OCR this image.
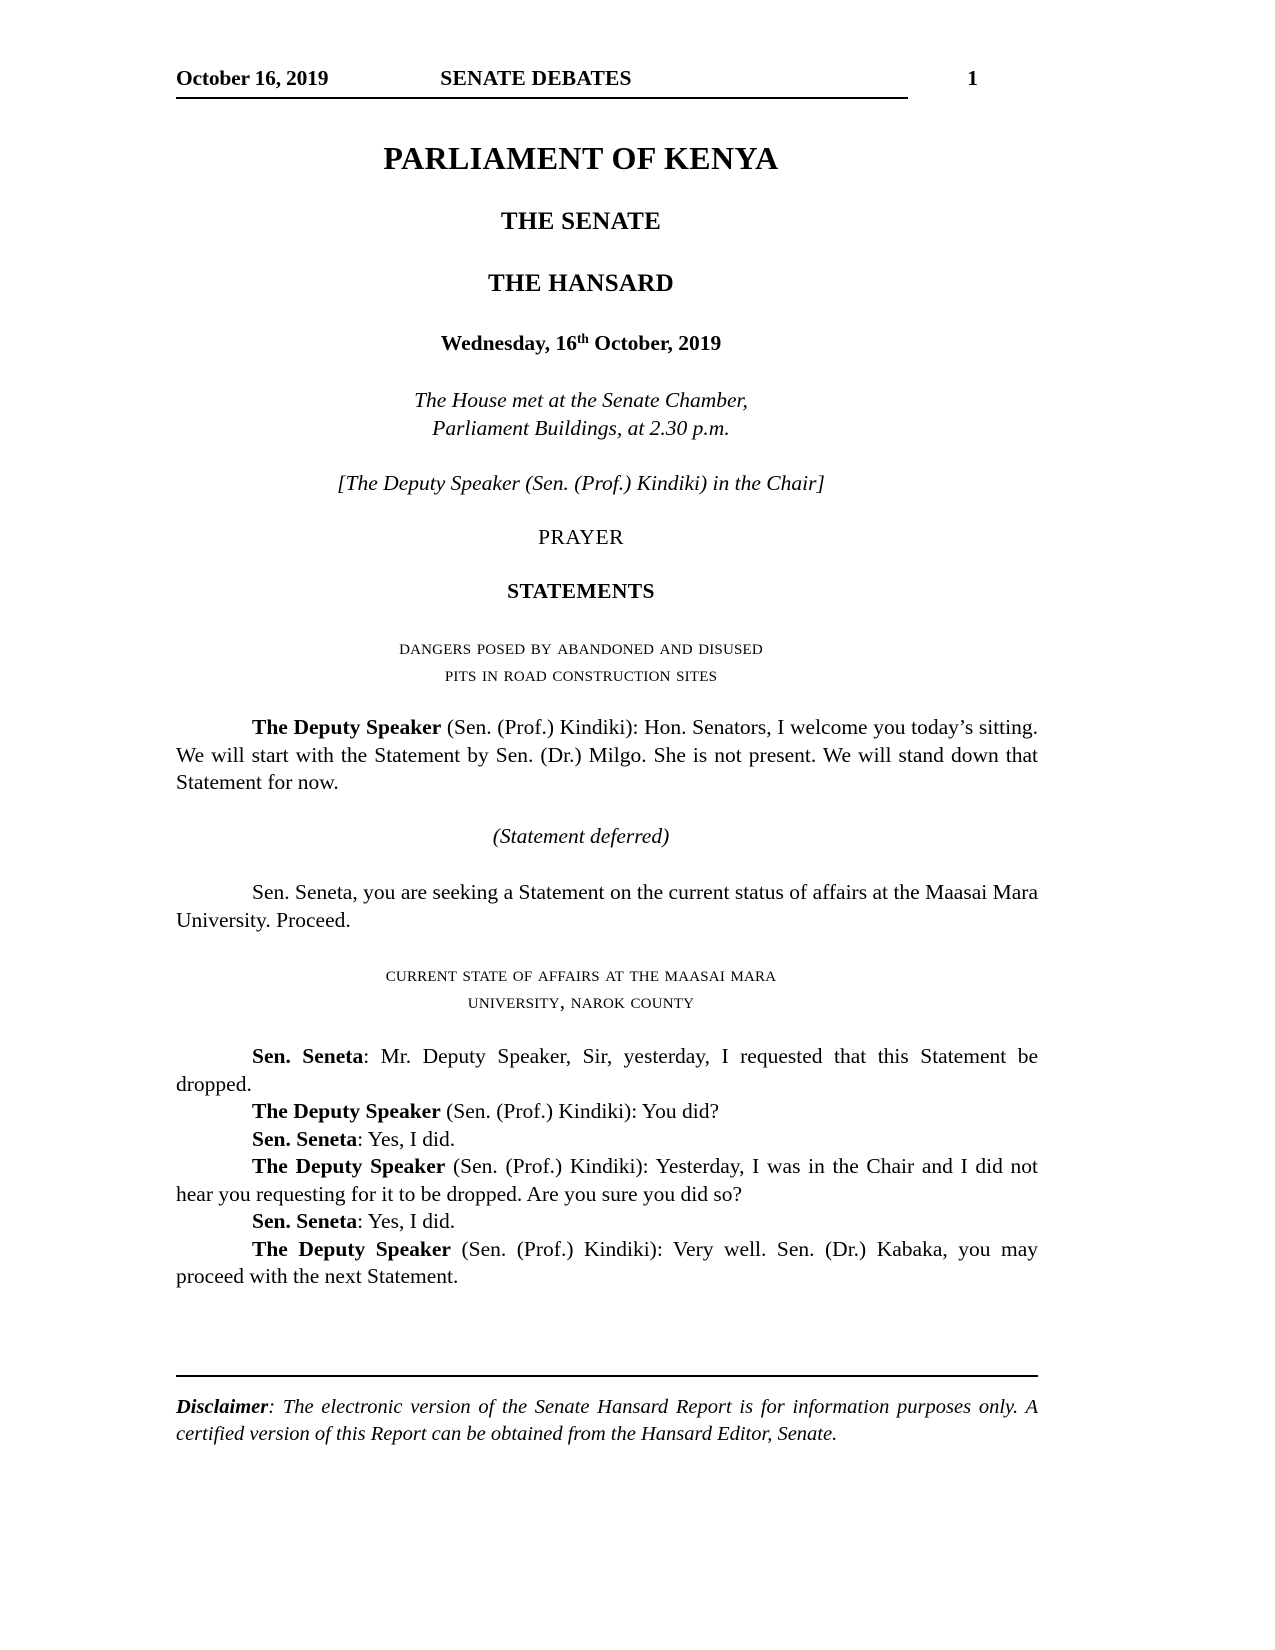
October 16, 2019	SENATE DEBATES	1
PARLIAMENT OF KENYA
THE SENATE
THE HANSARD
Wednesday, 16th October, 2019
The House met at the Senate Chamber,
Parliament Buildings, at 2.30 p.m.
[The Deputy Speaker (Sen. (Prof.) Kindiki) in the Chair]
PRAYER
STATEMENTS
dangers posed by abandoned and disused
pits in road construction sites

The Deputy Speaker (Sen. (Prof.) Kindiki): Hon. Senators, I welcome you today’s sitting. We will start with the Statement by Sen. (Dr.) Milgo. She is not present. We will stand down that Statement for now.

(Statement deferred)

Sen. Seneta, you are seeking a Statement on the current status of affairs at the Maasai Mara University. Proceed.

current state of affairs at the maasai mara
university, narok county

Sen. Seneta: Mr. Deputy Speaker, Sir, yesterday, I requested that this Statement be dropped.

The Deputy Speaker (Sen. (Prof.) Kindiki): You did?

Sen. Seneta: Yes, I did.

The Deputy Speaker (Sen. (Prof.) Kindiki): Yesterday, I was in the Chair and I did not hear you requesting for it to be dropped. Are you sure you did so?

Sen. Seneta: Yes, I did.

The Deputy Speaker (Sen. (Prof.) Kindiki): Very well. Sen. (Dr.) Kabaka, you may proceed with the next Statement.

Disclaimer: The electronic version of the Senate Hansard Report is for information purposes only. A certified version of this Report can be obtained from the Hansard Editor, Senate.
